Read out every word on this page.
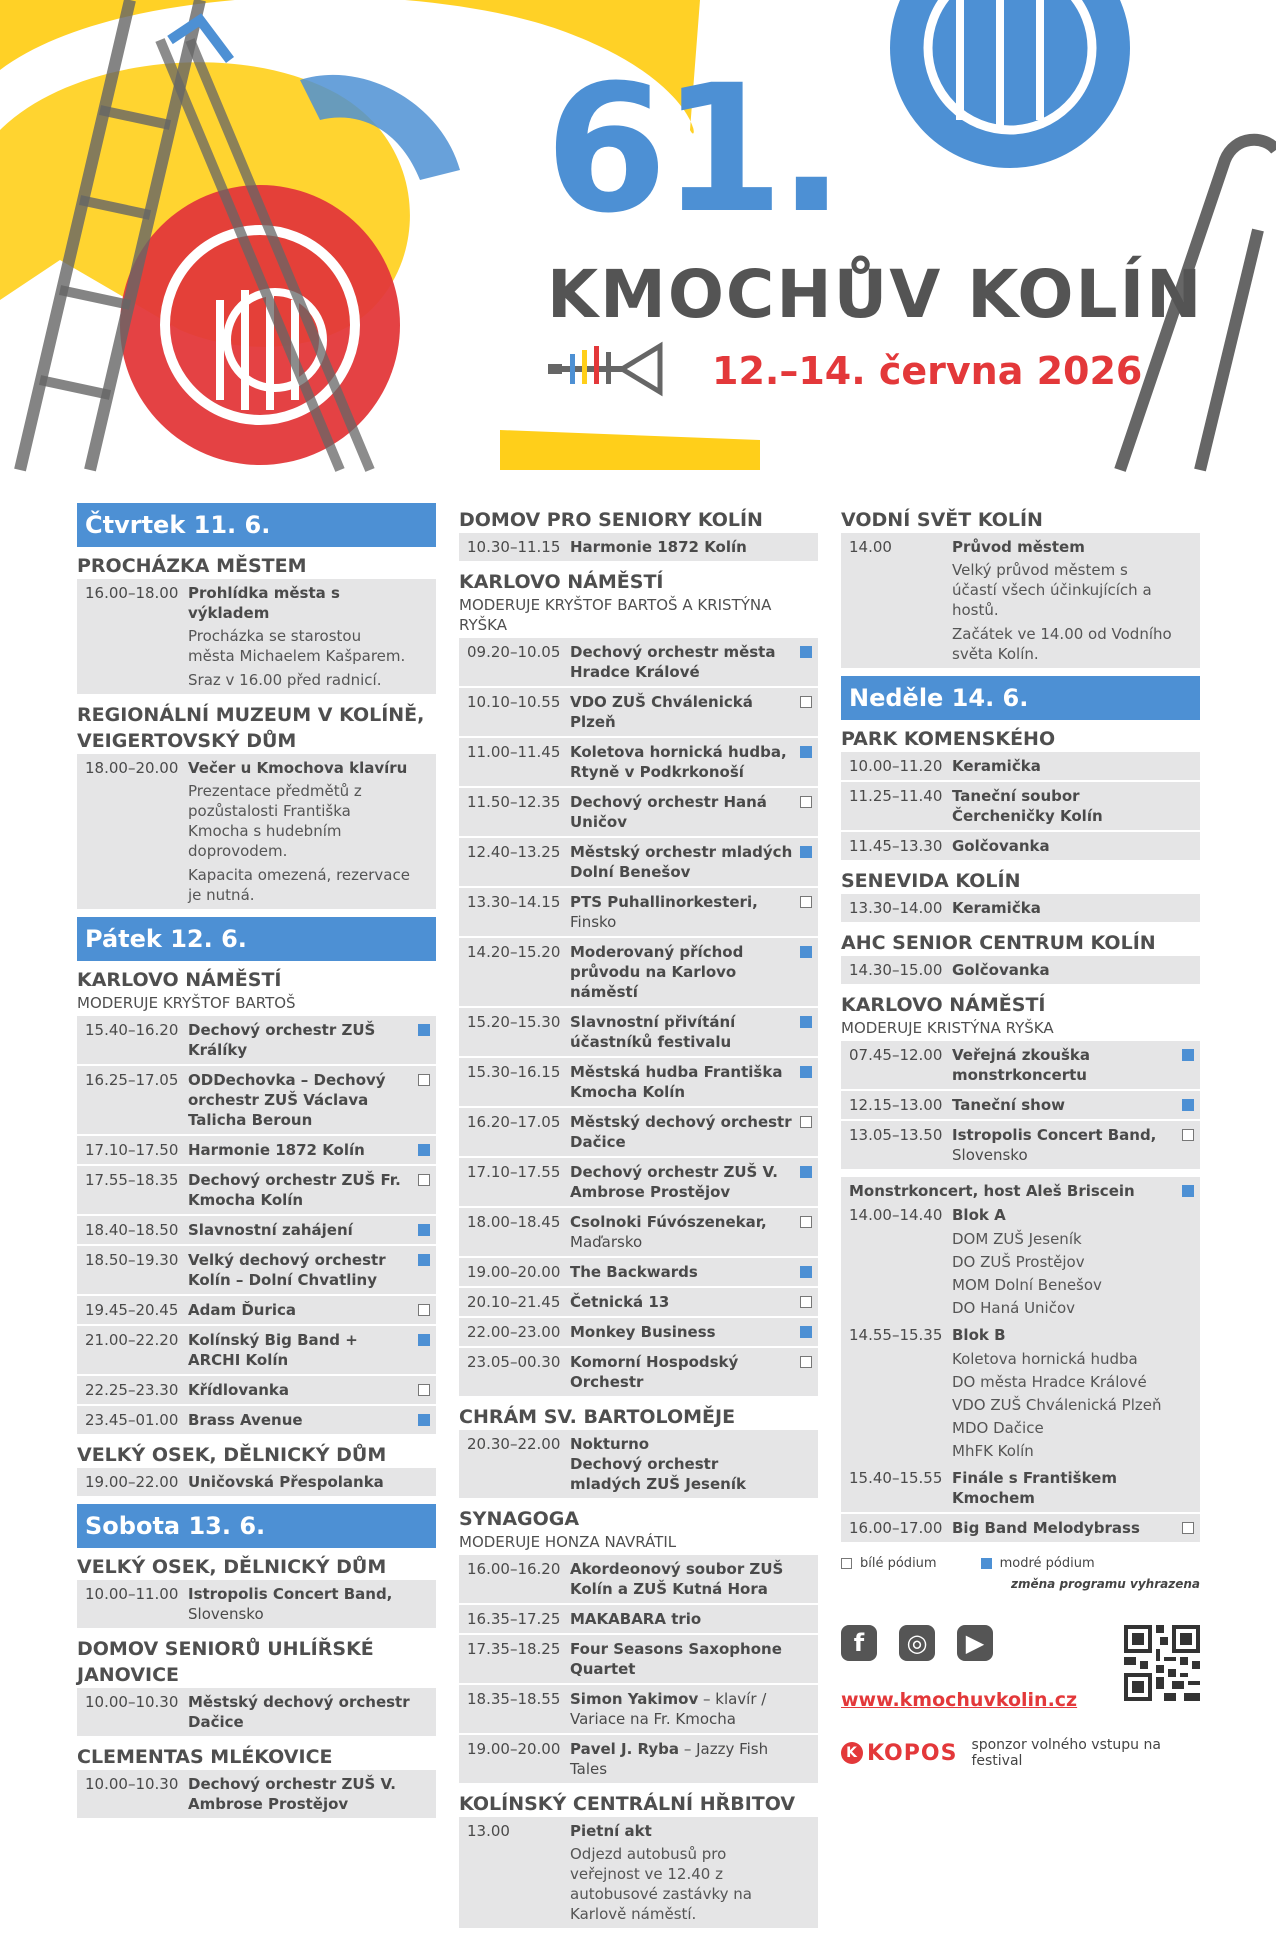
61.
KMOCHŮV KOLÍN
12.–14. června 2026
Čtvrtek 11. 6.
PROCHÁZKA MĚSTEM
16.00–18.00 Prohlídka města s výkladem
Procházka se starostou města Michaelem Kašparem.
Sraz v 16.00 před radnicí.
REGIONÁLNÍ MUZEUM V KOLÍNĚ, VEIGERTOVSKÝ DŮM
18.00–20.00 Večer u Kmochova klavíru
Prezentace předmětů z pozůstalosti Františka Kmocha s hudebním doprovodem.
Kapacita omezená, rezervace je nutná.
Pátek 12. 6.
KARLOVO NÁMĚSTÍ
MODERUJE KRYŠTOF BARTOŠ
15.40–16.20 Dechový orchestr ZUŠ Králíky
16.25–17.05 ODDechovka – Dechový orchestr ZUŠ Václava Talicha Beroun
17.10–17.50 Harmonie 1872 Kolín
17.55–18.35 Dechový orchestr ZUŠ Fr. Kmocha Kolín
18.40–18.50 Slavnostní zahájení
18.50–19.30 Velký dechový orchestr Kolín – Dolní Chvatliny
19.45–20.45 Adam Ďurica
21.00–22.20 Kolínský Big Band + ARCHI Kolín
22.25–23.30 Křídlovanka
23.45–01.00 Brass Avenue
VELKÝ OSEK, DĚLNICKÝ DŮM
19.00–22.00 Uničovská Přespolanka
Sobota 13. 6.
VELKÝ OSEK, DĚLNICKÝ DŮM
10.00–11.00 Istropolis Concert Band,
Slovensko
DOMOV SENIORŮ UHLÍŘSKÉ JANOVICE
10.00–10.30 Městský dechový orchestr Dačice
CLEMENTAS MLÉKOVICE
10.00–10.30 Dechový orchestr ZUŠ V. Ambrose Prostějov
DOMOV PRO SENIORY KOLÍN
10.30–11.15 Harmonie 1872 Kolín
KARLOVO NÁMĚSTÍ
MODERUJE KRYŠTOF BARTOŠ A KRISTÝNA RYŠKA
09.20–10.05 Dechový orchestr města Hradce Králové
10.10–10.55 VDO ZUŠ Chválenická Plzeň
11.00–11.45 Koletova hornická hudba, Rtyně v Podkrkonoší
11.50–12.35 Dechový orchestr Haná Uničov
12.40–13.25 Městský orchestr mladých Dolní Benešov
13.30–14.15 PTS Puhallinorkesteri, Finsko
14.20–15.20 Moderovaný příchod průvodu na Karlovo náměstí
15.20–15.30 Slavnostní přivítání účastníků festivalu
15.30–16.15 Městská hudba Františka Kmocha Kolín
16.20–17.05 Městský dechový orchestr Dačice
17.10–17.55 Dechový orchestr ZUŠ V. Ambrose Prostějov
18.00–18.45 Csolnoki Fúvószenekar,
Maďarsko
19.00–20.00 The Backwards
20.10–21.45 Četnická 13
22.00–23.00 Monkey Business
23.05–00.30 Komorní Hospodský Orchestr
CHRÁM SV. BARTOLOMĚJE
20.30–22.00 Nokturno
Dechový orchestr mladých ZUŠ Jeseník
SYNAGOGA
MODERUJE HONZA NAVRÁTIL
16.00–16.20 Akordeonový soubor ZUŠ Kolín a ZUŠ Kutná Hora
16.35–17.25 MAKABARA trio
17.35–18.25 Four Seasons Saxophone Quartet
18.35–18.55 Simon Yakimov – klavír / Variace na Fr. Kmocha
19.00–20.00 Pavel J. Ryba – Jazzy Fish Tales
KOLÍNSKÝ CENTRÁLNÍ HŘBITOV
13.00	Pietní akt
Odjezd autobusů pro veřejnost ve 12.40 z autobusové zastávky na Karlově náměstí.
VODNÍ SVĚT KOLÍN
14.00	Průvod městem
Velký průvod městem s účastí všech účinkujících a hostů.
Začátek ve 14.00 od Vodního světa Kolín.
Neděle 14. 6.
PARK KOMENSKÉHO
10.00–11.20 Keramička
11.25–11.40 Taneční soubor Čercheničky Kolín
11.45–13.30 Golčovanka
SENEVIDA KOLÍN
13.30–14.00 Keramička
AHC SENIOR CENTRUM KOLÍN
14.30–15.00 Golčovanka
KARLOVO NÁMĚSTÍ
MODERUJE KRISTÝNA RYŠKA
07.45–12.00 Veřejná zkouška monstrkoncertu
12.15–13.00 Taneční show
13.05–13.50 Istropolis Concert Band,
Slovensko
Monstrkoncert, host Aleš Briscein
14.00–14.40 Blok A
DOM ZUŠ Jeseník
DO ZUŠ Prostějov
MOM Dolní Benešov
DO Haná Uničov
14.55–15.35 Blok B
Koletova hornická hudba
DO města Hradce Králové
VDO ZUŠ Chválenická Plzeň
MDO Dačice
MhFK Kolín
15.40–15.55 Finále s Františkem Kmochem
16.00–17.00 Big Band Melodybrass
bílé pódium	modré pódium
změna programu vyhrazena
f	◎	▶
www.kmochuvkolin.cz
K KOPOS sponzor volného vstupu na festival
